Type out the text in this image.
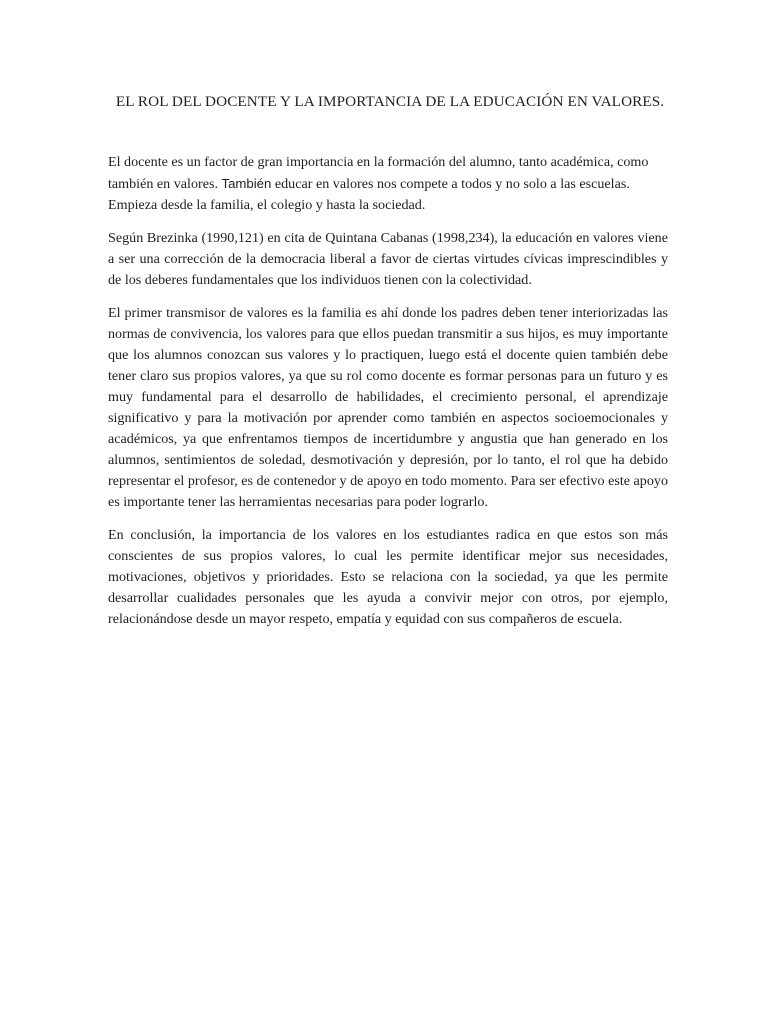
EL ROL DEL DOCENTE Y LA IMPORTANCIA DE LA EDUCACIÓN EN VALORES.

El docente es un factor de gran importancia en la formación del alumno, tanto académica, como también en valores. También educar en valores nos compete a todos y no solo a las escuelas. Empieza desde la familia, el colegio y hasta la sociedad.

Según Brezinka (1990,121) en cita de Quintana Cabanas (1998,234), la educación en valores viene a ser una corrección de la democracia liberal a favor de ciertas virtudes cívicas imprescindibles y de los deberes fundamentales que los individuos tienen con la colectividad.

El primer transmisor de valores es la familia es ahí donde los padres deben tener interiorizadas las normas de convivencia, los valores para que ellos puedan transmitir a sus hijos, es muy importante que los alumnos conozcan sus valores y lo practiquen, luego está el docente quien también debe tener claro sus propios valores, ya que su rol como docente es formar personas para un futuro y es muy fundamental para el desarrollo de habilidades, el crecimiento personal, el aprendizaje significativo y para la motivación por aprender como también en aspectos socioemocionales y académicos, ya que enfrentamos tiempos de incertidumbre y angustia que han generado en los alumnos, sentimientos de soledad, desmotivación y depresión, por lo tanto, el rol que ha debido representar el profesor, es de contenedor y de apoyo en todo momento. Para ser efectivo este apoyo es importante tener las herramientas necesarias para poder lograrlo.

En conclusión, la importancia de los valores en los estudiantes radica en que estos son más conscientes de sus propios valores, lo cual les permite identificar mejor sus necesidades, motivaciones, objetivos y prioridades. Esto se relaciona con la sociedad, ya que les permite desarrollar cualidades personales que les ayuda a convivir mejor con otros, por ejemplo, relacionándose desde un mayor respeto, empatía y equidad con sus compañeros de escuela.
